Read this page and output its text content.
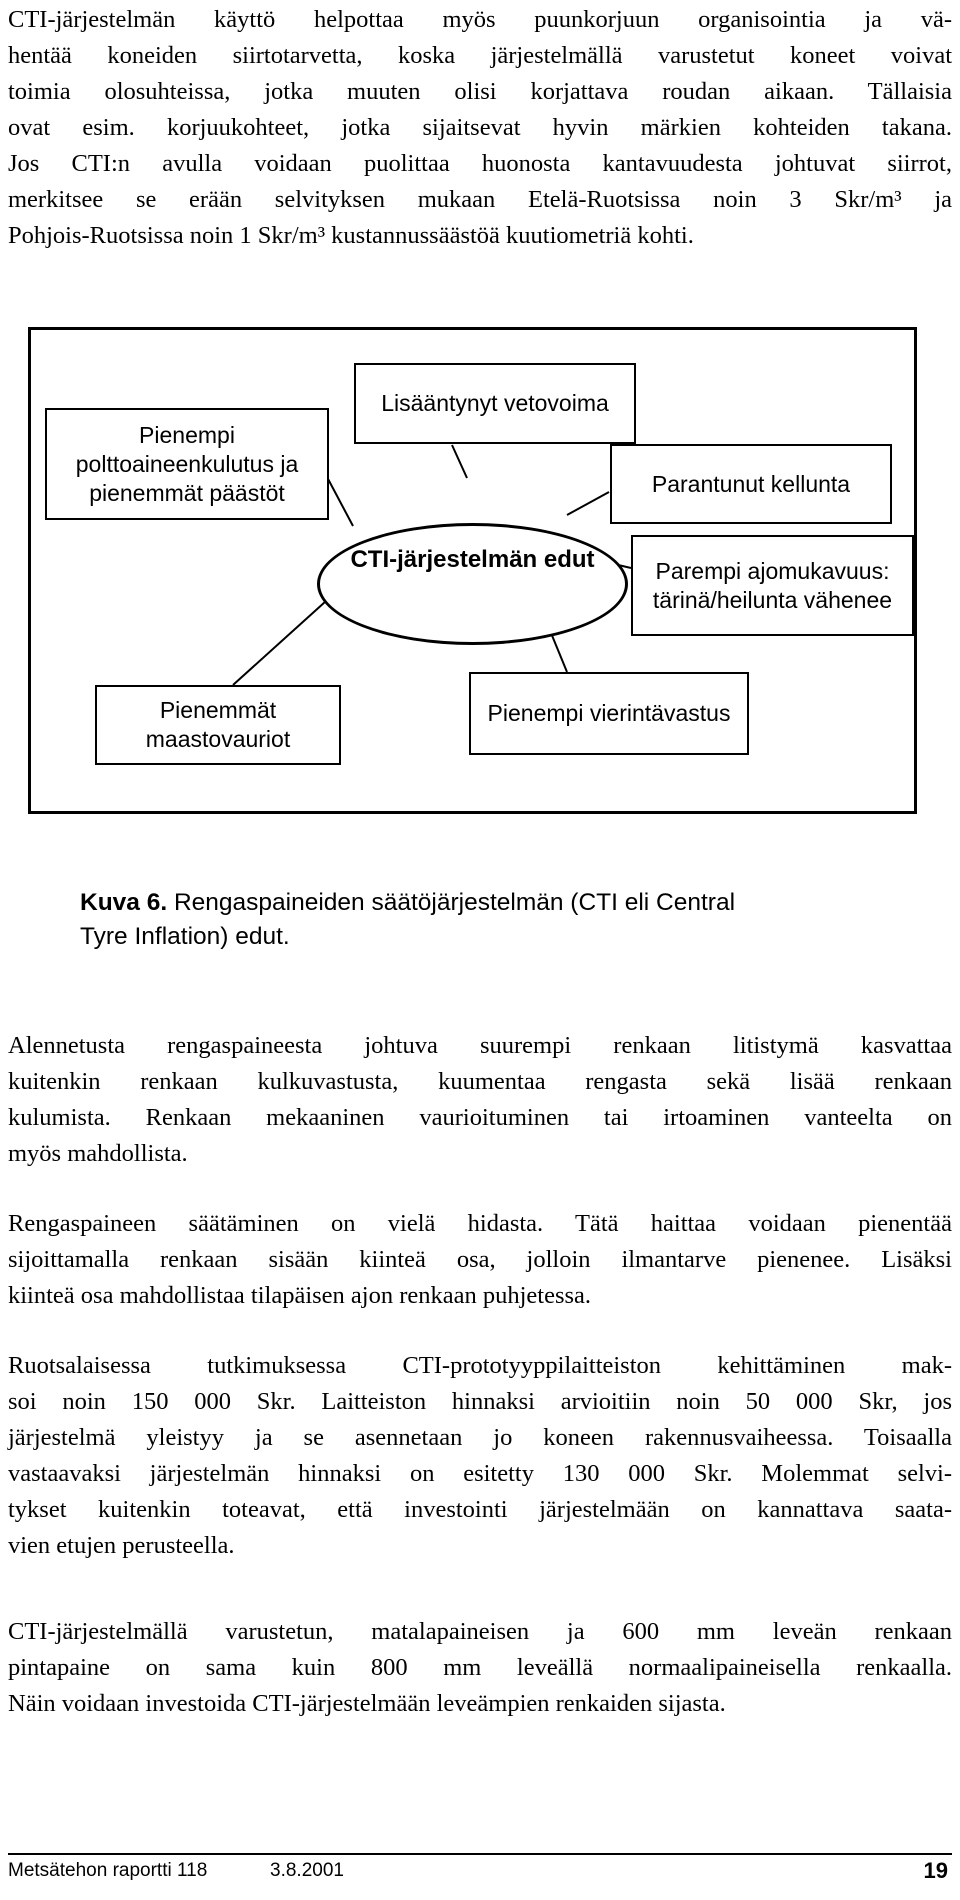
CTI-järjestelmän käyttö helpottaa myös puunkorjuun organisointia ja vä-
hentää koneiden siirtotarvetta, koska järjestelmällä varustetut koneet voivat
toimia olosuhteissa, jotka muuten olisi korjattava roudan aikaan. Tällaisia
ovat esim. korjuukohteet, jotka sijaitsevat hyvin märkien kohteiden takana.
Jos CTI:n avulla voidaan puolittaa huonosta kantavuudesta johtuvat siirrot,
merkitsee se erään selvityksen mukaan Etelä-Ruotsissa noin 3 Skr/m³ ja
Pohjois-Ruotsissa noin 1 Skr/m³ kustannussäästöä kuutiometriä kohti.
Pienempi
polttoaineenkulutus ja
pienemmät päästöt
Lisääntynyt vetovoima
Parantunut kellunta
CTI-järjestelmän edut	Parempi ajomukavuus:
tärinä/heilunta vähenee
Pienemmät
maastovauriot
Pienempi vierintävastus
Kuva 6. Rengaspaineiden säätöjärjestelmän (CTI eli Central
Tyre Inflation) edut.
Alennetusta rengaspaineesta johtuva suurempi renkaan litistymä kasvattaa
kuitenkin renkaan kulkuvastusta, kuumentaa rengasta sekä lisää renkaan
kulumista. Renkaan mekaaninen vaurioituminen tai irtoaminen vanteelta on
myös mahdollista.
Rengaspaineen säätäminen on vielä hidasta. Tätä haittaa voidaan pienentää
sijoittamalla renkaan sisään kiinteä osa, jolloin ilmantarve pienenee. Lisäksi
kiinteä osa mahdollistaa tilapäisen ajon renkaan puhjetessa.
Ruotsalaisessa tutkimuksessa CTI-prototyyppilaitteiston kehittäminen mak-
soi noin 150 000 Skr. Laitteiston hinnaksi arvioitiin noin 50 000 Skr, jos
järjestelmä yleistyy ja se asennetaan jo koneen rakennusvaiheessa. Toisaalla
vastaavaksi järjestelmän hinnaksi on esitetty 130 000 Skr. Molemmat selvi-
tykset kuitenkin toteavat, että investointi järjestelmään on kannattava saata-
vien etujen perusteella.
CTI-järjestelmällä varustetun, matalapaineisen ja 600 mm leveän renkaan
pintapaine on sama kuin 800 mm leveällä normaalipaineisella renkaalla.
Näin voidaan investoida CTI-järjestelmään leveämpien renkaiden sijasta.
Metsätehon raportti 118	3.8.2001	19
